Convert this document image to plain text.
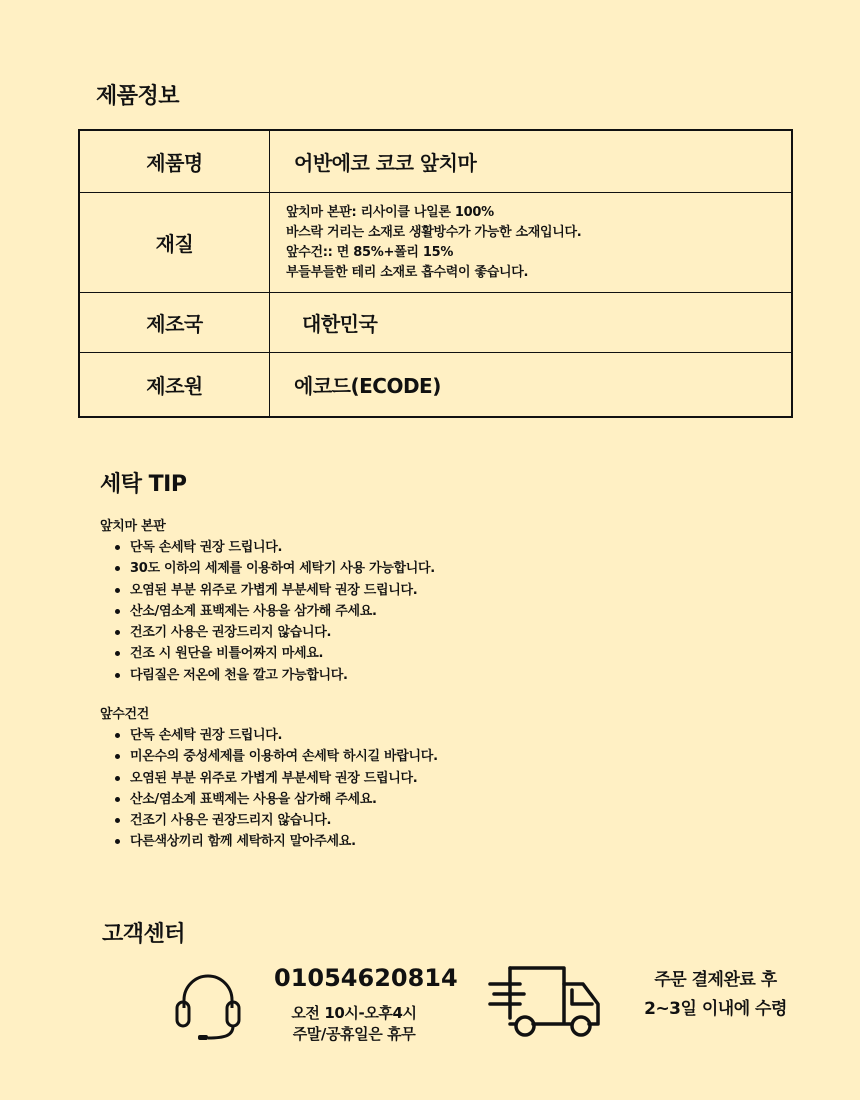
제품정보
제품명	어반에코 코코 앞치마
재질	앞치마 본판: 리사이클 나일론 100%
바스락 거리는 소재로 생활방수가 가능한 소재입니다.
앞수건:: 면 85%+폴리 15%
부들부들한 테리 소재로 흡수력이 좋습니다.

제조국	대한민국
제조원	에코드(ECODE)
세탁 TIP
앞치마 본판
단독 손세탁 권장 드립니다.
30도 이하의 세제를 이용하여 세탁기 사용 가능합니다.
오염된 부분 위주로 가볍게 부분세탁 권장 드립니다.
산소/염소계 표백제는 사용을 삼가해 주세요.
건조기 사용은 권장드리지 않습니다.
건조 시 원단을 비틀어짜지 마세요.
다림질은 저온에 천을 깔고 가능합니다.
앞수건건
단독 손세탁 권장 드립니다.
미온수의 중성세제를 이용하여 손세탁 하시길 바랍니다.
오염된 부분 위주로 가볍게 부분세탁 권장 드립니다.
산소/염소계 표백제는 사용을 삼가해 주세요.
건조기 사용은 권장드리지 않습니다.
다른색상끼리 함께 세탁하지 말아주세요.
고객센터
01054620814
오전 10시-오후4시
주말/공휴일은 휴무
주문 결제완료 후
2~3일 이내에 수령
